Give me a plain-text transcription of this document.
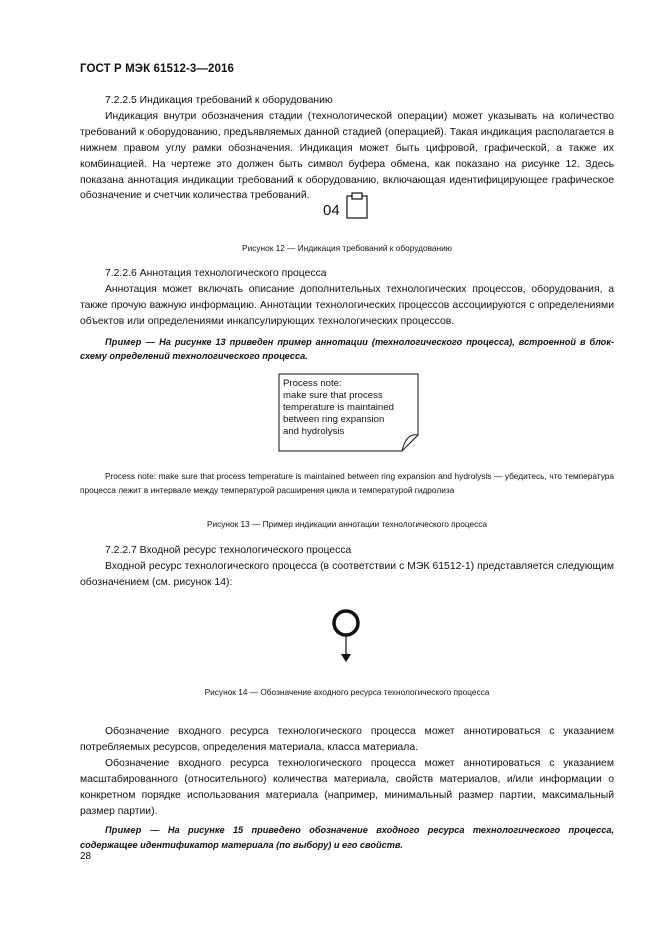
ГОСТ Р МЭК 61512-3—2016

7.2.2.5 Индикация требований к оборудованию

Индикация внутри обозначения стадии (технологической операции) может указывать на количество требований к оборудованию, предъявляемых данной стадией (операцией). Такая индикация располагается в нижнем правом углу рамки обозначения. Индикация может быть цифровой, графической, а также их комбинацией. На чертеже это должен быть символ буфера обмена, как показано на рисунке 12. Здесь показана аннотация индикации требований к оборудованию, включающая идентифицирующее графическое обозначение и счетчик количества требований.

04
Рисунок 12 — Индикация требований к оборудованию

7.2.2.6 Аннотация технологического процесса

Аннотация может включать описание дополнительных технологических процессов, оборудования, а также прочую важную информацию. Аннотации технологических процессов ассоциируются с определениями объектов или определениями инкапсулирующих технологических процессов.

Пример — На рисунке 13 приведен пример аннотации (технологического процесса), встроенной в блок-схему определений технологического процесса.

Process note:
make sure that process
temperature is maintained
between ring expansion
and hydrolysis
Process note: make sure that process temperature is maintained between ring expansion and hydrolysis — убедитесь, что температура процесса лежит в интервале между температурой расширения цикла и температурой гидролиза
Рисунок 13 — Пример индикации аннотации технологического процесса

7.2.2.7 Входной ресурс технологического процесса

Входной ресурс технологического процесса (в соответствии с МЭК 61512-1) представляется следующим обозначением (см. рисунок 14):

Рисунок 14 — Обозначение входного ресурса технологического процесса

Обозначение входного ресурса технологического процесса может аннотироваться с указанием потребляемых ресурсов, определения материала, класса материала.

Обозначение входного ресурса технологического процесса может аннотироваться с указанием масштабированного (относительного) количества материала, свойств материалов, и/или информации о конкретном порядке использования материала (например, минимальный размер партии, максимальный размер партии).

Пример — На рисунке 15 приведено обозначение входного ресурса технологического процесса, содержащее идентификатор материала (по выбору) и его свойств.

28
